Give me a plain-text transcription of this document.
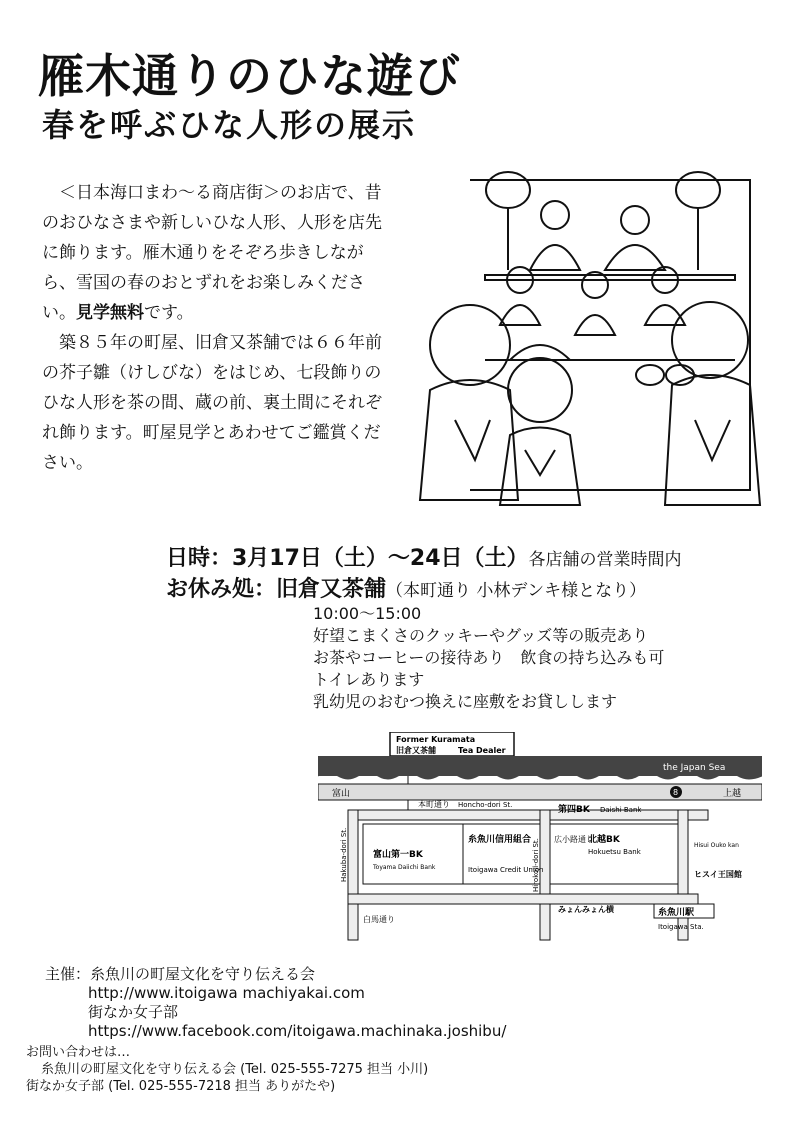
雁木通りのひな遊び
春を呼ぶひな人形の展示

＜日本海口まわ～る商店街＞のお店で、昔のおひなさまや新しいひな人形、人形を店先に飾ります。雁木通りをそぞろ歩きしながら、雪国の春のおとずれをお楽しみください。見学無料です。

築８５年の町屋、旧倉又茶舗では６６年前の芥子雛（けしびな）をはじめ、七段飾りのひな人形を茶の間、蔵の前、裏土間にそれぞれ飾ります。町屋見学とあわせてご鑑賞ください。

日時：3月17日（土）～24日（土）各店舗の営業時間内
お休み処：旧倉又茶舗（本町通り 小林デンキ様となり）
10:00～15:00
好望こまくさのクッキーやグッズ等の販売あり
お茶やコーヒーの接待あり　飲食の持ち込みも可
トイレあります
乳幼児のおむつ換えに座敷をお貸しします
Former Kuramata
旧倉又茶舗	Tea Dealer
the Japan Sea
富山	上越
8
本町通り Honcho-dori St.
Hakuba-dori St.
白馬通り
Hirokoji-dori St. 広小路通り
第四BK Daishi Bank
糸魚川信用組合
Itoigawa Credit Union
北越BK
Hokuetsu Bank
富山第一BK
Toyama Daiichi Bank
Hisui Ouko kan
ヒスイ王国館
みょんみょん横	糸魚川駅
Itoigawa Sta.
主催：糸魚川の町屋文化を守り伝える会
http://www.itoigawa machiyakai.com
街なか女子部
https://www.facebook.com/itoigawa.machinaka.joshibu/
お問い合わせは…
糸魚川の町屋文化を守り伝える会 (Tel. 025-555-7275 担当 小川)
街なか女子部 (Tel. 025-555-7218 担当 ありがたや)
